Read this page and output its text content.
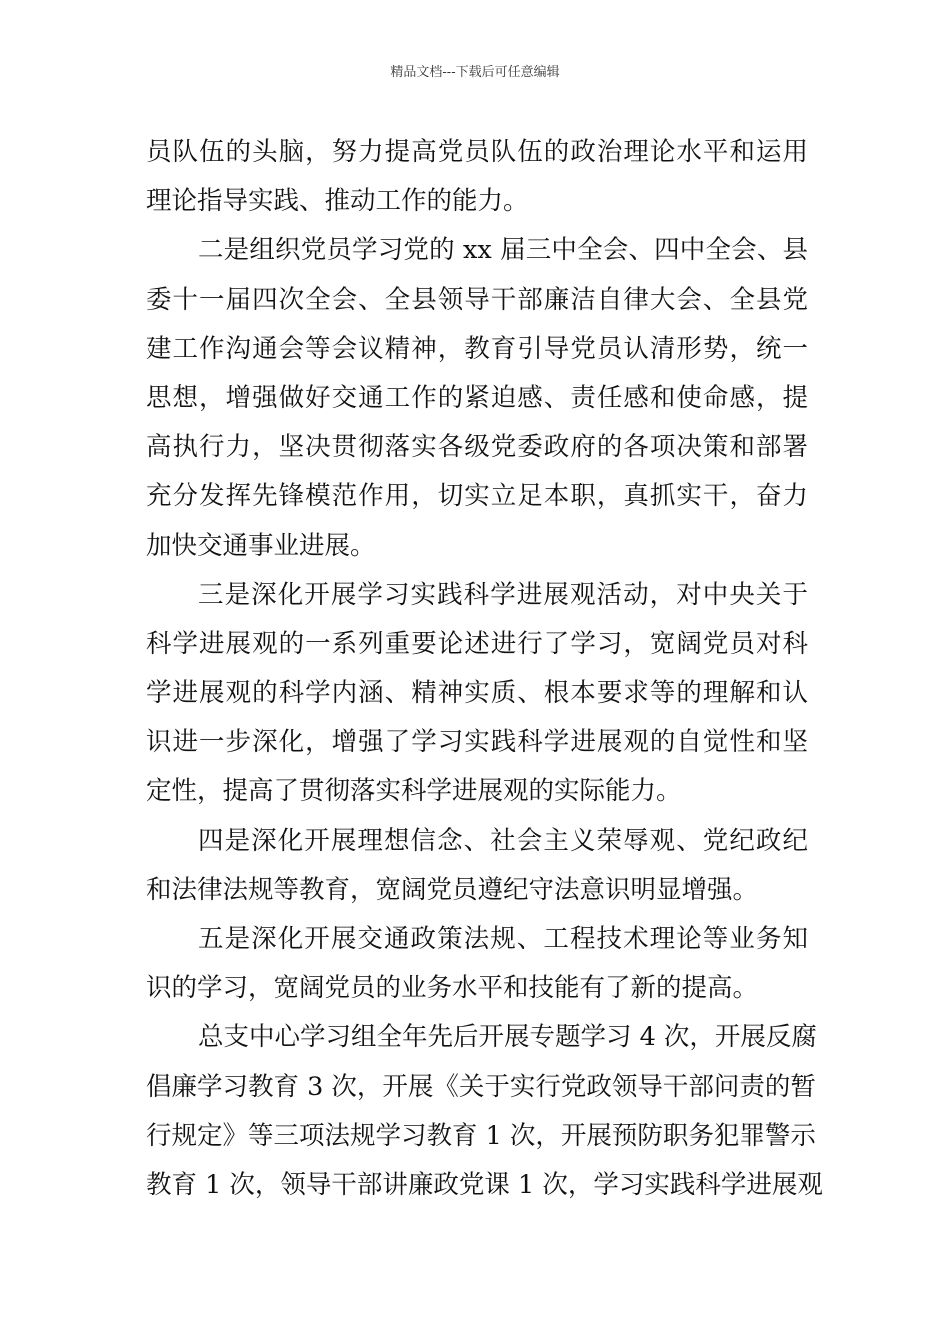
精品文档---下载后可任意编辑
员队伍的头脑，努力提高党员队伍的政治理论水平和运用
理论指导实践、推动工作的能力。
二是组织党员学习党的 xx 届三中全会、四中全会、县
委十一届四次全会、全县领导干部廉洁自律大会、全县党
建工作沟通会等会议精神，教育引导党员认清形势，统一
思想，增强做好交通工作的紧迫感、责任感和使命感，提
高执行力，坚决贯彻落实各级党委政府的各项决策和部署
充分发挥先锋模范作用，切实立足本职，真抓实干，奋力
加快交通事业进展。
三是深化开展学习实践科学进展观活动，对中央关于
科学进展观的一系列重要论述进行了学习，宽阔党员对科
学进展观的科学内涵、精神实质、根本要求等的理解和认
识进一步深化，增强了学习实践科学进展观的自觉性和坚
定性，提高了贯彻落实科学进展观的实际能力。
四是深化开展理想信念、社会主义荣辱观、党纪政纪
和法律法规等教育，宽阔党员遵纪守法意识明显增强。
五是深化开展交通政策法规、工程技术理论等业务知
识的学习，宽阔党员的业务水平和技能有了新的提高。
总支中心学习组全年先后开展专题学习 4 次，开展反腐
倡廉学习教育 3 次，开展《关于实行党政领导干部问责的暂
行规定》等三项法规学习教育 1 次，开展预防职务犯罪警示
教育 1 次，领导干部讲廉政党课 1 次，学习实践科学进展观
